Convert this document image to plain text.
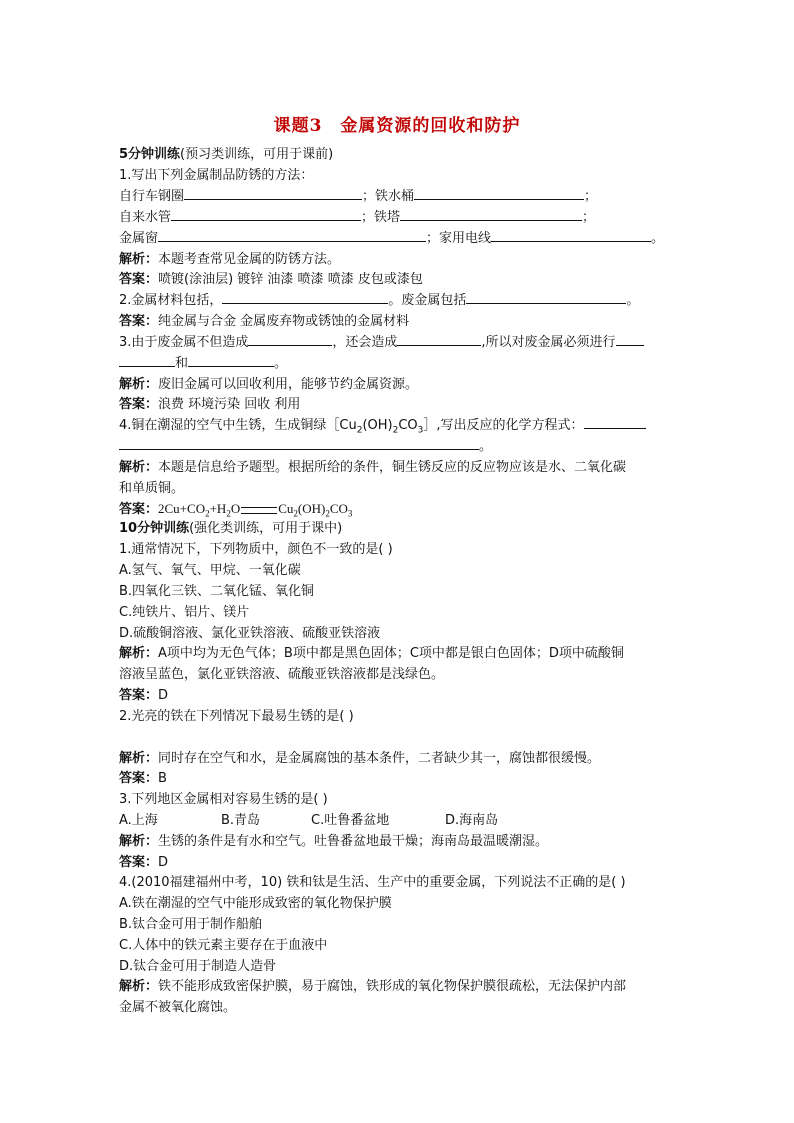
课题3 金属资源的回收和防护
5分钟训练(预习类训练，可用于课前)
1.写出下列金属制品防锈的方法：
自行车钢圈	；铁水桶	；
自来水管	；铁塔	；
金属窗	；家用电线	。
解析：本题考查常见金属的防锈方法。
答案：喷镀(涂油层) 镀锌 油漆 喷漆 喷漆 皮包或漆包
2.金属材料包括，	。废金属包括	。
答案：纯金属与合金 金属废弃物或锈蚀的金属材料
3.由于废金属不但造成	，还会造成	,所以对废金属必须进行
和	。
解析：废旧金属可以回收利用，能够节约金属资源。
答案：浪费 环境污染 回收 利用
4.铜在潮湿的空气中生锈，生成铜绿$[Cu_2(OH)_2CO_3]$,写出反应的化学方程式：
。
解析：本题是信息给予题型。根据所给的条件，铜生锈反应的反应物应该是水、二氧化碳
和单质铜。
答案：$2Cu+CO_2+H_2O$	$Cu_2(OH)_2CO_3$
10分钟训练(强化类训练，可用于课中)
1.通常情况下，下列物质中，颜色不一致的是( )
A.氢气、氧气、甲烷、一氧化碳
B.四氧化三铁、二氧化锰、氧化铜
C.纯铁片、铝片、镁片
D.硫酸铜溶液、氯化亚铁溶液、硫酸亚铁溶液
解析：A项中均为无色气体；B项中都是黑色固体；C项中都是银白色固体；D项中硫酸铜
溶液呈蓝色，氯化亚铁溶液、硫酸亚铁溶液都是浅绿色。
答案：D
2.光亮的铁在下列情况下最易生锈的是( )
解析：同时存在空气和水，是金属腐蚀的基本条件，二者缺少其一，腐蚀都很缓慢。
答案：B
3.下列地区金属相对容易生锈的是( )
A.上海	B.青岛	C.吐鲁番盆地	D.海南岛
解析：生锈的条件是有水和空气。吐鲁番盆地最干燥；海南岛最温暖潮湿。
答案：D
4.(2010福建福州中考，10) 铁和钛是生活、生产中的重要金属，下列说法不正确的是( )
A.铁在潮湿的空气中能形成致密的氧化物保护膜
B.钛合金可用于制作船舶
C.人体中的铁元素主要存在于血液中
D.钛合金可用于制造人造骨
解析：铁不能形成致密保护膜，易于腐蚀，铁形成的氧化物保护膜很疏松，无法保护内部
金属不被氧化腐蚀。
